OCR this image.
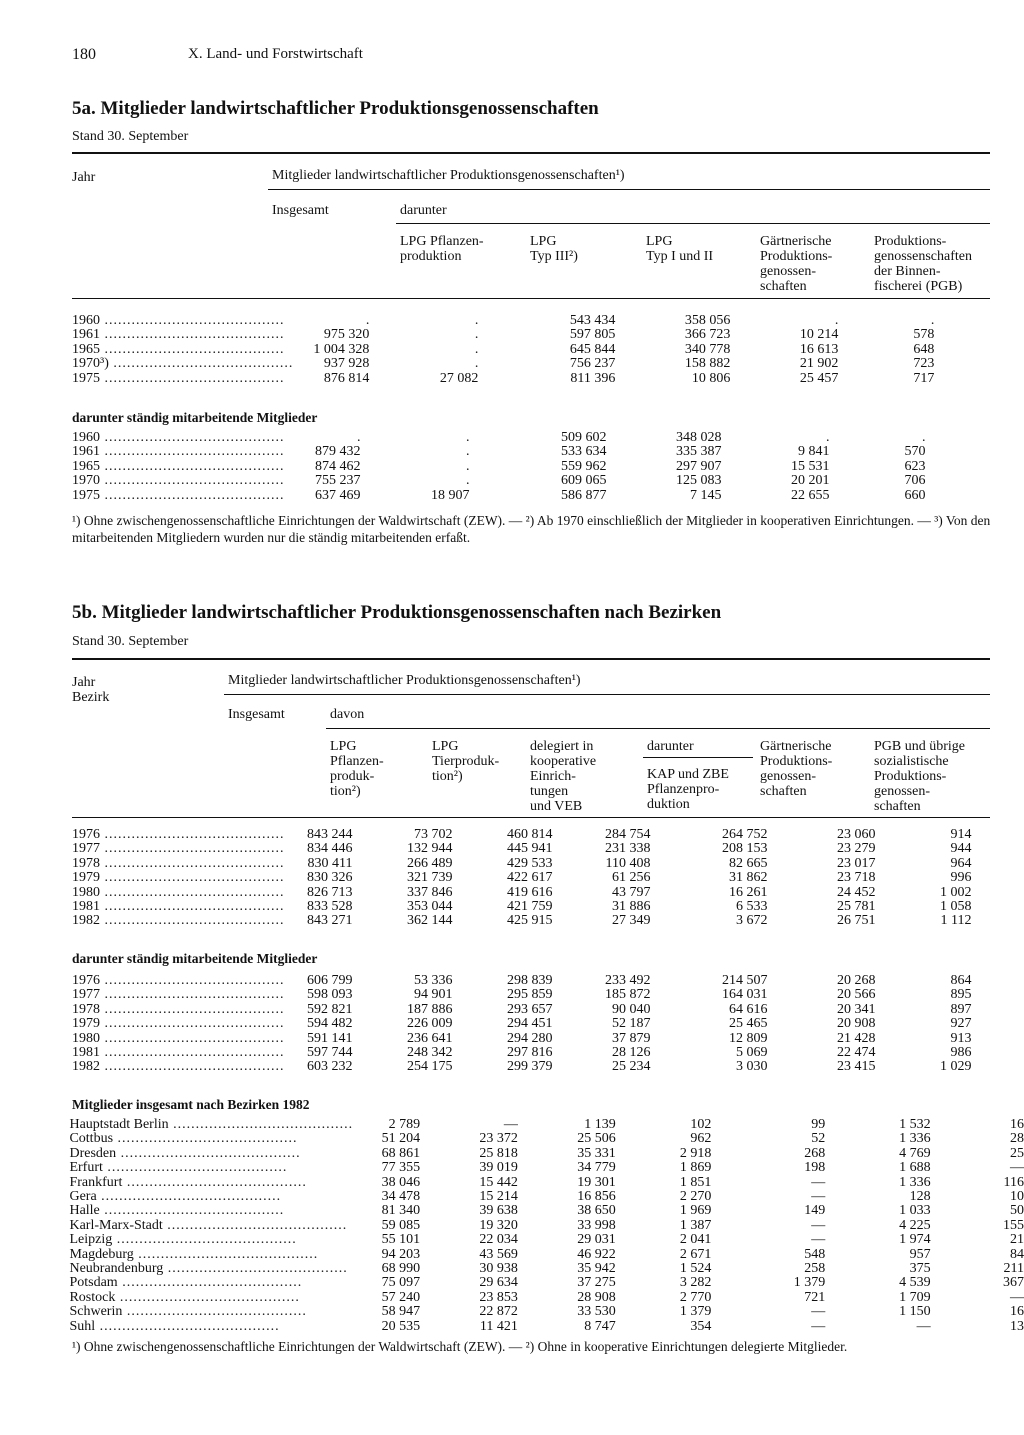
180	X. Land- und Forstwirtschaft
5a. Mitglieder landwirtschaftlicher Produktionsgenossenschaften
Stand 30. September
Jahr	Mitglieder landwirtschaftlicher Produktionsgenossenschaften¹)
Insgesamt	darunter
LPG Pflanzen-
produktion
LPG
Typ III²)
LPG
Typ I und II
Gärtnerische
Produktions-
genossen-
schaften
Produktions-
genossenschaften
der Binnen-
fischerei (PGB)
	1960 ........................................	.	.	543 434	358 056	.	.
	1961 ........................................	975 320	.	597 805	366 723	10 214	578
	1965 ........................................	1 004 328	.	645 844	340 778	16 613	648
	1970³) ........................................	937 928	.	756 237	158 882	21 902	723
	1975 ........................................	876 814	27 082	811 396	10 806	25 457	717
darunter ständig mitarbeitende Mitglieder
	1960 ........................................	.	.	509 602	348 028	.	.
	1961 ........................................	879 432	.	533 634	335 387	9 841	570
	1965 ........................................	874 462	.	559 962	297 907	15 531	623
	1970 ........................................	755 237	.	609 065	125 083	20 201	706
	1975 ........................................	637 469	18 907	586 877	7 145	22 655	660
¹) Ohne zwischengenossenschaftliche Einrichtungen der Waldwirtschaft (ZEW). — ²) Ab 1970 einschließlich der Mitglieder in kooperativen Einrichtungen. — ³) Von den mitarbeitenden Mitgliedern wurden nur die ständig mitarbeitenden erfaßt.
5b. Mitglieder landwirtschaftlicher Produktionsgenossenschaften nach Bezirken
Stand 30. September
Jahr
Bezirk
Mitglieder landwirtschaftlicher Produktionsgenossenschaften¹)
Insgesamt	davon
LPG
Pflanzen-
produk-
tion²)
LPG
Tierproduk-
tion²)
delegiert in
kooperative
Einrich-
tungen
und VEB
darunter
KAP und ZBE
Pflanzenpro-
duktion
Gärtnerische
Produktions-
genossen-
schaften
PGB und übrige
sozialistische
Produktions-
genossen-
schaften
	1976 ........................................	843 244	73 702	460 814	284 754	264 752	23 060	914
	1977 ........................................	834 446	132 944	445 941	231 338	208 153	23 279	944
	1978 ........................................	830 411	266 489	429 533	110 408	82 665	23 017	964
	1979 ........................................	830 326	321 739	422 617	61 256	31 862	23 718	996
	1980 ........................................	826 713	337 846	419 616	43 797	16 261	24 452	1 002
	1981 ........................................	833 528	353 044	421 759	31 886	6 533	25 781	1 058
	1982 ........................................	843 271	362 144	425 915	27 349	3 672	26 751	1 112
darunter ständig mitarbeitende Mitglieder
	1976 ........................................	606 799	53 336	298 839	233 492	214 507	20 268	864
	1977 ........................................	598 093	94 901	295 859	185 872	164 031	20 566	895
	1978 ........................................	592 821	187 886	293 657	90 040	64 616	20 341	897
	1979 ........................................	594 482	226 009	294 451	52 187	25 465	20 908	927
	1980 ........................................	591 141	236 641	294 280	37 879	12 809	21 428	913
	1981 ........................................	597 744	248 342	297 816	28 126	5 069	22 474	986
	1982 ........................................	603 232	254 175	299 379	25 234	3 030	23 415	1 029
Mitglieder insgesamt nach Bezirken 1982
	Hauptstadt Berlin ........................................	2 789	—	1 139	102	99	1 532	16
	Cottbus ........................................	51 204	23 372	25 506	962	52	1 336	28
	Dresden ........................................	68 861	25 818	35 331	2 918	268	4 769	25
	Erfurt ........................................	77 355	39 019	34 779	1 869	198	1 688	—
	Frankfurt ........................................	38 046	15 442	19 301	1 851	—	1 336	116
	Gera ........................................	34 478	15 214	16 856	2 270	—	128	10
	Halle ........................................	81 340	39 638	38 650	1 969	149	1 033	50
	Karl-Marx-Stadt ........................................	59 085	19 320	33 998	1 387	—	4 225	155
	Leipzig ........................................	55 101	22 034	29 031	2 041	—	1 974	21
	Magdeburg ........................................	94 203	43 569	46 922	2 671	548	957	84
	Neubrandenburg ........................................	68 990	30 938	35 942	1 524	258	375	211
	Potsdam ........................................	75 097	29 634	37 275	3 282	1 379	4 539	367
	Rostock ........................................	57 240	23 853	28 908	2 770	721	1 709	—
	Schwerin ........................................	58 947	22 872	33 530	1 379	—	1 150	16
	Suhl ........................................	20 535	11 421	8 747	354	—	—	13
¹) Ohne zwischengenossenschaftliche Einrichtungen der Waldwirtschaft (ZEW). — ²) Ohne in kooperative Einrichtungen delegierte Mitglieder.
